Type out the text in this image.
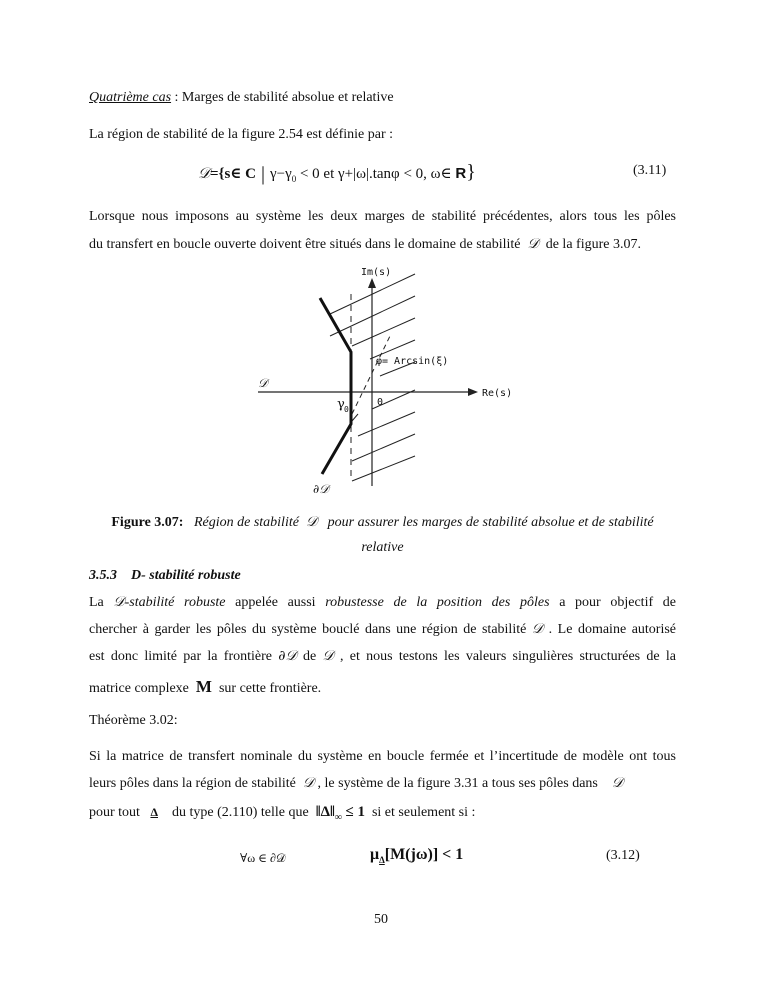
Quatrième cas : Marges de stabilité absolue et relative
La région de stabilité de la figure 2.54 est définie par :
𝒟={s∈ C | $\gamma-\gamma_0 < 0$ et γ+|ω|.tanφ < 0, ω∈ R}	(3.11)
Lorsque nous imposons au système les deux marges de stabilité précédentes, alors tous les pôles
du transfert en boucle ouverte doivent être situés dans le domaine de stabilité 𝒟 de la figure 3.07.
Im(s)
Re(s)
φ= Arcsin(ξ)
𝒟
γ 0
0
∂𝒟
Figure 3.07: Région de stabilité 𝒟 pour assurer les marges de stabilité absolue et de stabilité
relative
3.5.3 D- stabilité robuste
La 𝒟-stabilité robuste appelée aussi robustesse de la position des pôles a pour objectif de
chercher à garder les pôles du système bouclé dans une région de stabilité 𝒟 . Le domaine autorisé
est donc limité par la frontière ∂𝒟 de 𝒟 , et nous testons les valeurs singulières structurées de la
matrice complexe M sur cette frontière.
Théorème 3.02:
Si la matrice de transfert nominale du système en boucle fermée et l’incertitude de modèle ont tous
leurs pôles dans la région de stabilité 𝒟 , le système de la figure 3.31 a tous ses pôles dans 𝒟
pour tout Δ du type (2.110) telle que $‖\Delta‖_\infty \le 1$ si et seulement si :
∀ω ∈ ∂𝒟	$\mu_\Delta[M(j\omega)] < 1$	(3.12)
50
